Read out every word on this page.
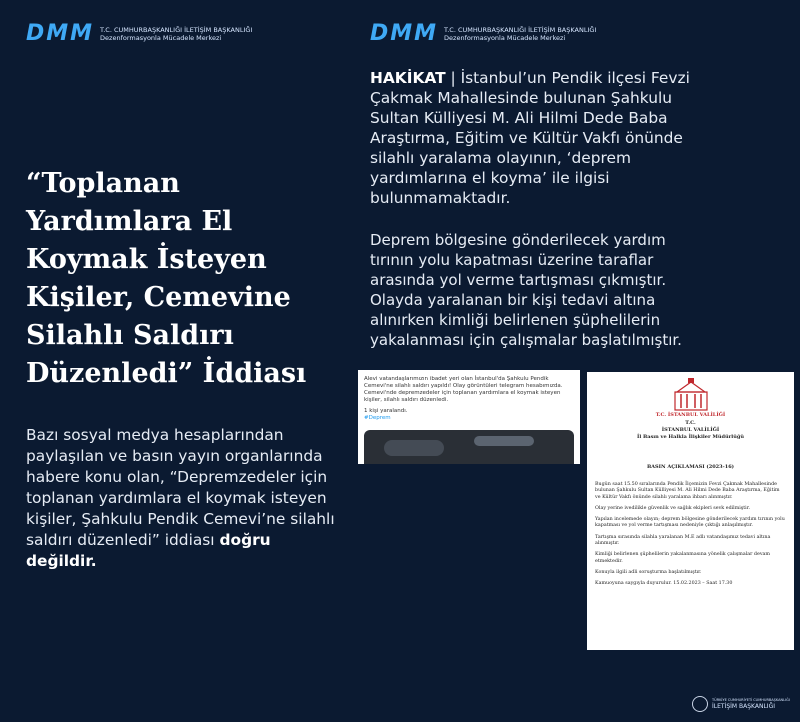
DMM T.C. CUMHURBAŞKANLIĞI İLETİŞİM BAŞKANLIĞI
Dezenformasyonla Mücadele Merkezi	DMM T.C. CUMHURBAŞKANLIĞI İLETİŞİM BAŞKANLIĞI
Dezenformasyonla Mücadele Merkezi
“Toplanan Yardımlara El Koymak İsteyen Kişiler, Cemevine Silahlı Saldırı Düzenledi” İddiası
Bazı sosyal medya hesaplarından paylaşılan ve basın yayın organlarında habere konu olan, “Depremzedeler için toplanan yardımlara el koymak isteyen kişiler, Şahkulu Pendik Cemevi’ne silahlı saldırı düzenledi” iddiası doğru değildir.
HAKİKAT | İstanbul’un Pendik ilçesi Fevzi Çakmak Mahallesinde bulunan Şahkulu Sultan Külliyesi M. Ali Hilmi Dede Baba Araştırma, Eğitim ve Kültür Vakfı önünde silahlı yaralama olayının, ‘deprem yardımlarına el koyma’ ile ilgisi bulunmamaktadır.
Deprem bölgesine gönderilecek yardım tırının yolu kapatması üzerine taraflar arasında yol verme tartışması çıkmıştır. Olayda yaralanan bir kişi tedavi altına alınırken kimliği belirlenen şüphelilerin yakalanması için çalışmalar başlatılmıştır.
Alevi vatandaşlarımızın ibadet yeri olan İstanbul'da Şahkulu Pendik Cemevi'ne silahlı saldırı yapıldı! Olay görüntüleri telegram hesabımızda. Cemevi'nde depremzedeler için toplanan yardımlara el koymak isteyen kişiler, silahlı saldırı düzenledi.
1 kişi yaralandı.
#Deprem	T.C. İSTANBUL VALİLİĞİ
T.C.
İSTANBUL VALİLİĞİ
İl Basın ve Halkla İlişkiler Müdürlüğü
BASIN AÇIKLAMASI (2023-16)

Bugün saat 15.50 sıralarında Pendik İlçemizin Fevzi Çakmak Mahallesinde bulunan Şahkulu Sultan Külliyesi M. Ali Hilmi Dede Baba Araştırma, Eğitim ve Kültür Vakfı önünde silahlı yaralama ihbarı alınmıştır.

Olay yerine ivedilikle güvenlik ve sağlık ekipleri sevk edilmiştir.

Yapılan incelemede olayın; deprem bölgesine gönderilecek yardım tırının yolu kapatması ve yol verme tartışması nedeniyle çıktığı anlaşılmıştır.

Tartışma sırasında silahla yaralanan M.E adlı vatandaşımız tedavi altına alınmıştır.

Kimliği belirlenen şüphelilerin yakalanmasına yönelik çalışmalar devam etmektedir.

Konuyla ilgili adli soruşturma başlatılmıştır.

Kamuoyuna saygıyla duyurulur. 15.02.2023 – Saat 17.30

TÜRKİYE CUMHURİYETİ CUMHURBAŞKANLIĞI
İLETİŞİM BAŞKANLIĞI
